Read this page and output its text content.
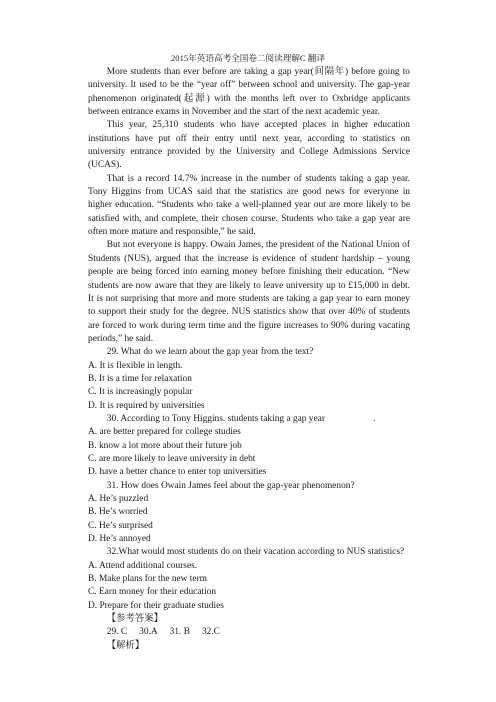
2015年英语高考全国卷二阅读理解C 翻译

More students than ever before are taking a gap year(间隔年) before going to university. It used to be the “year off” between school and university. The gap-year phenomenon originated(起源) with the months left over to Oxbridge applicants between entrance exams in November and the start of the next academic year.

This year, 25,310 students who have accepted places in higher education institutions have put off their entry until next year, according to statistics on university entrance provided by the University and College Admissions Service (UCAS).

That is a record 14.7% increase in the number of students taking a gap year. Tony Higgins from UCAS said that the statistics are good news for everyone in higher education. “Students who take a well-planned year out are more likely to be satisfied with, and complete, their chosen course. Students who take a gap year are often more mature and responsible,” he said.

But not everyone is happy. Owain James, the president of the National Union of Students (NUS), argued that the increase is evidence of student hardship – young people are being forced into earning money before finishing their education. “New students are now aware that they are likely to leave university up to £15,000 in debt. It is not surprising that more and more students are taking a gap year to earn money to support their study for the degree. NUS statistics show that over 40% of students are forced to work during term time and the figure increases to 90% during vacating periods,” he said.

29. What do we learn about the gap year from the text?

A. It is flexible in length.

B. It is a time for relaxation

C. It is increasingly popular

D. It is required by universities

30. According to Tony Higgins. students taking a gap year	.

A. are better prepared for college studies

B. know a lot more about their future job

C. are more likely to leave university in debt

D. have a better chance to enter top universities

31. How does Owain James feel about the gap-year phenomenon?

A. He’s puzzled

B. He’s worried

C. He’s surprised

D. He’s annoyed

32.What would most students do on their vacation according to NUS statistics?

A. Attend additional courses.

B. Make plans for the new term

C. Earn money for their education

D. Prepare for their graduate studies

【参考答案】

29. C 30.A 31. B 32.C

【解析】
